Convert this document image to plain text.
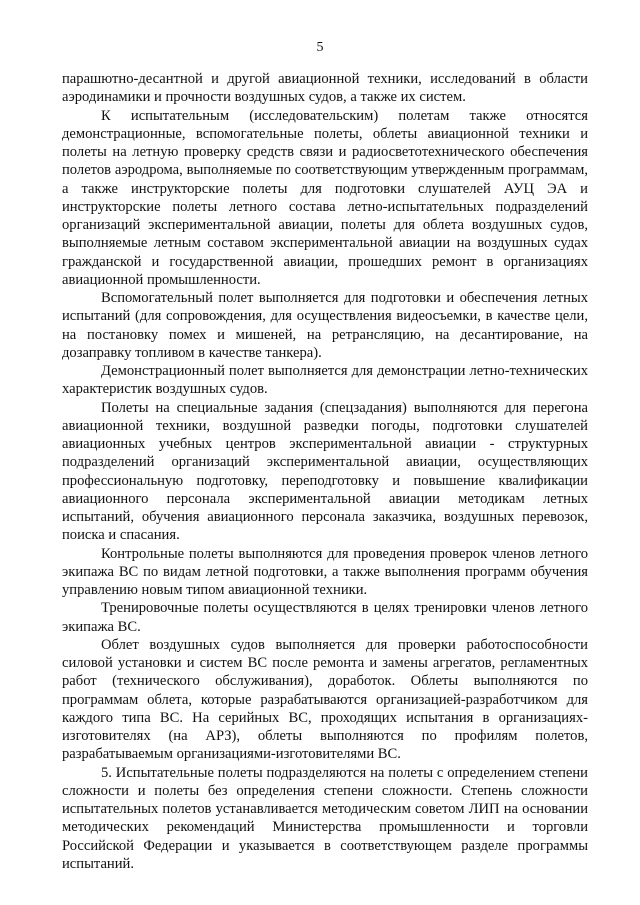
5

парашютно-десантной и другой авиационной техники, исследований в области аэродинамики и прочности воздушных судов, а также их систем.

К испытательным (исследовательским) полетам также относятся демонстрационные, вспомогательные полеты, облеты авиационной техники и полеты на летную проверку средств связи и радиосветотехнического обеспечения полетов аэродрома, выполняемые по соответствующим утвержденным программам, а также инструкторские полеты для подготовки слушателей АУЦ ЭА и инструкторские полеты летного состава летно-испытательных подразделений организаций экспериментальной авиации, полеты для облета воздушных судов, выполняемые летным составом экспериментальной авиации на воздушных судах гражданской и государственной авиации, прошедших ремонт в организациях авиационной промышленности.

Вспомогательный полет выполняется для подготовки и обеспечения летных испытаний (для сопровождения, для осуществления видеосъемки, в качестве цели, на постановку помех и мишеней, на ретрансляцию, на десантирование, на дозаправку топливом в качестве танкера).

Демонстрационный полет выполняется для демонстрации летно-технических характеристик воздушных судов.

Полеты на специальные задания (спецзадания) выполняются для перегона авиационной техники, воздушной разведки погоды, подготовки слушателей авиационных учебных центров экспериментальной авиации - структурных подразделений организаций экспериментальной авиации, осуществляющих профессиональную подготовку, переподготовку и повышение квалификации авиационного персонала экспериментальной авиации методикам летных испытаний, обучения авиационного персонала заказчика, воздушных перевозок, поиска и спасания.

Контрольные полеты выполняются для проведения проверок членов летного экипажа ВС по видам летной подготовки, а также выполнения программ обучения управлению новым типом авиационной техники.

Тренировочные полеты осуществляются в целях тренировки членов летного экипажа ВС.

Облет воздушных судов выполняется для проверки работоспособности силовой установки и систем ВС после ремонта и замены агрегатов, регламентных работ (технического обслуживания), доработок. Облеты выполняются по программам облета, которые разрабатываются организацией-разработчиком для каждого типа ВС. На серийных ВС, проходящих испытания в организациях-изготовителях (на АРЗ), облеты выполняются по профилям полетов, разрабатываемым организациями-изготовителями ВС.

5. Испытательные полеты подразделяются на полеты с определением степени сложности и полеты без определения степени сложности. Степень сложности испытательных полетов устанавливается методическим советом ЛИП на основании методических рекомендаций Министерства промышленности и торговли Российской Федерации и указывается в соответствующем разделе программы испытаний.
